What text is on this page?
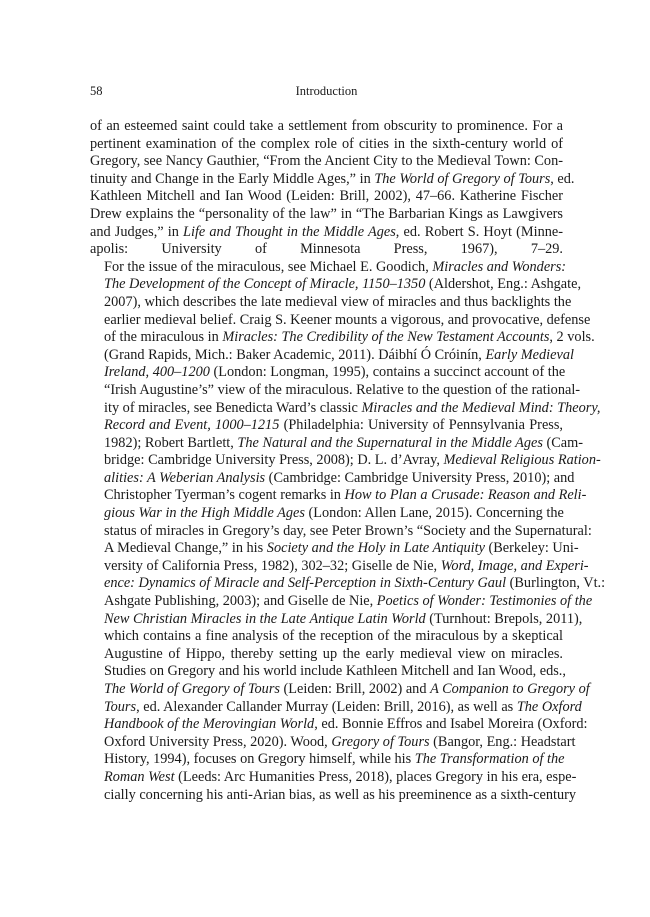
58	Introduction

of an esteemed saint could take a settlement from obscurity to prominence. For a
pertinent examination of the complex role of cities in the sixth-century world of
Gregory, see Nancy Gauthier, “From the Ancient City to the Medieval Town: Con-
tinuity and Change in the Early Middle Ages,” in The World of Gregory of Tours, ed.
Kathleen Mitchell and Ian Wood (Leiden: Brill, 2002), 47–66. Katherine Fischer
Drew explains the “personality of the law” in “The Barbarian Kings as Lawgivers
and Judges,” in Life and Thought in the Middle Ages, ed. Robert S. Hoyt (Minne-
apolis: University of Minnesota Press, 1967), 7–29.

For the issue of the miraculous, see Michael E. Goodich, Miracles and Wonders:
The Development of the Concept of Miracle, 1150–1350 (Aldershot, Eng.: Ashgate,
2007), which describes the late medieval view of miracles and thus backlights the
earlier medieval belief. Craig S. Keener mounts a vigorous, and provocative, defense
of the miraculous in Miracles: The Credibility of the New Testament Accounts, 2 vols.
(Grand Rapids, Mich.: Baker Academic, 2011). Dáibhí Ó Cróinín, Early Medieval
Ireland, 400–1200 (London: Longman, 1995), contains a succinct account of the
“Irish Augustine’s” view of the miraculous. Relative to the question of the rational-
ity of miracles, see Benedicta Ward’s classic Miracles and the Medieval Mind: Theory,
Record and Event, 1000–1215 (Philadelphia: University of Pennsylvania Press,
1982); Robert Bartlett, The Natural and the Supernatural in the Middle Ages (Cam-
bridge: Cambridge University Press, 2008); D. L. d’Avray, Medieval Religious Ration-
alities: A Weberian Analysis (Cambridge: Cambridge University Press, 2010); and
Christopher Tyerman’s cogent remarks in How to Plan a Crusade: Reason and Reli-
gious War in the High Middle Ages (London: Allen Lane, 2015). Concerning the
status of miracles in Gregory’s day, see Peter Brown’s “Society and the Supernatural:
A Medieval Change,” in his Society and the Holy in Late Antiquity (Berkeley: Uni-
versity of California Press, 1982), 302–32; Giselle de Nie, Word, Image, and Experi-
ence: Dynamics of Miracle and Self-Perception in Sixth-Century Gaul (Burlington, Vt.:
Ashgate Publishing, 2003); and Giselle de Nie, Poetics of Wonder: Testimonies of the
New Christian Miracles in the Late Antique Latin World (Turnhout: Brepols, 2011),
which contains a fine analysis of the reception of the miraculous by a skeptical
Augustine of Hippo, thereby setting up the early medieval view on miracles.

Studies on Gregory and his world include Kathleen Mitchell and Ian Wood, eds.,
The World of Gregory of Tours (Leiden: Brill, 2002) and A Companion to Gregory of
Tours, ed. Alexander Callander Murray (Leiden: Brill, 2016), as well as The Oxford
Handbook of the Merovingian World, ed. Bonnie Effros and Isabel Moreira (Oxford:
Oxford University Press, 2020). Wood, Gregory of Tours (Bangor, Eng.: Headstart
History, 1994), focuses on Gregory himself, while his The Transformation of the
Roman West (Leeds: Arc Humanities Press, 2018), places Gregory in his era, espe-
cially concerning his anti-Arian bias, as well as his preeminence as a sixth-century
